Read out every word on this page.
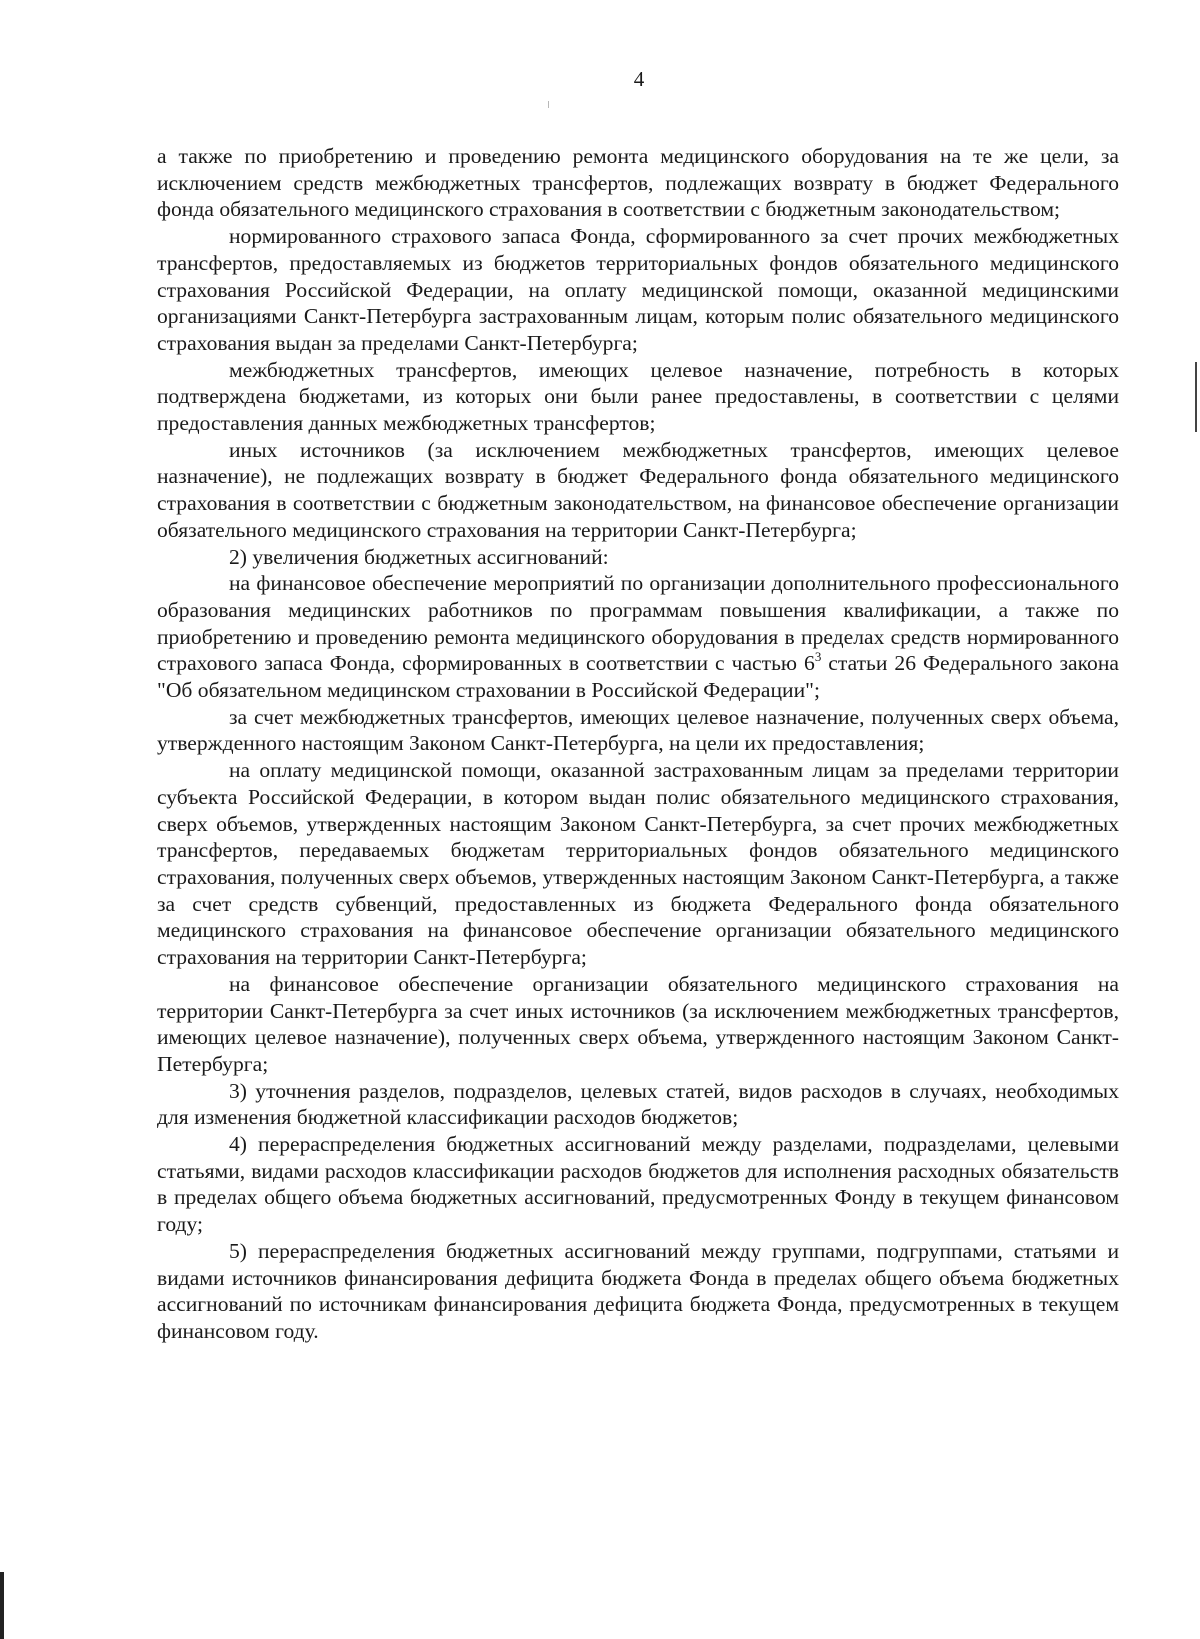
4

а также по приобретению и проведению ремонта медицинского оборудования на те же цели, за исключением средств межбюджетных трансфертов, подлежащих возврату в бюджет Федерального фонда обязательного медицинского страхования в соответствии с бюджетным законодательством;

нормированного страхового запаса Фонда, сформированного за счет прочих межбюджетных трансфертов, предоставляемых из бюджетов территориальных фондов обязательного медицинского страхования Российской Федерации, на оплату медицинской помощи, оказанной медицинскими организациями Санкт-Петербурга застрахованным лицам, которым полис обязательного медицинского страхования выдан за пределами Санкт-Петербурга;

межбюджетных трансфертов, имеющих целевое назначение, потребность в которых подтверждена бюджетами, из которых они были ранее предоставлены, в соответствии с целями предоставления данных межбюджетных трансфертов;

иных источников (за исключением межбюджетных трансфертов, имеющих целевое назначение), не подлежащих возврату в бюджет Федерального фонда обязательного медицинского страхования в соответствии с бюджетным законодательством, на финансовое обеспечение организации обязательного медицинского страхования на территории Санкт-Петербурга;

2) увеличения бюджетных ассигнований:

на финансовое обеспечение мероприятий по организации дополнительного профессионального образования медицинских работников по программам повышения квалификации, а также по приобретению и проведению ремонта медицинского оборудования в пределах средств нормированного страхового запаса Фонда, сформированных в соответствии с частью $6^3$ статьи 26 Федерального закона "Об обязательном медицинском страховании в Российской Федерации";

за счет межбюджетных трансфертов, имеющих целевое назначение, полученных сверх объема, утвержденного настоящим Законом Санкт-Петербурга, на цели их предоставления;

на оплату медицинской помощи, оказанной застрахованным лицам за пределами территории субъекта Российской Федерации, в котором выдан полис обязательного медицинского страхования, сверх объемов, утвержденных настоящим Законом Санкт-Петербурга, за счет прочих межбюджетных трансфертов, передаваемых бюджетам территориальных фондов обязательного медицинского страхования, полученных сверх объемов, утвержденных настоящим Законом Санкт-Петербурга, а также за счет средств субвенций, предоставленных из бюджета Федерального фонда обязательного медицинского страхования на финансовое обеспечение организации обязательного медицинского страхования на территории Санкт-Петербурга;

на финансовое обеспечение организации обязательного медицинского страхования на территории Санкт-Петербурга за счет иных источников (за исключением межбюджетных трансфертов, имеющих целевое назначение), полученных сверх объема, утвержденного настоящим Законом Санкт-Петербурга;

3) уточнения разделов, подразделов, целевых статей, видов расходов в случаях, необходимых для изменения бюджетной классификации расходов бюджетов;

4) перераспределения бюджетных ассигнований между разделами, подразделами, целевыми статьями, видами расходов классификации расходов бюджетов для исполнения расходных обязательств в пределах общего объема бюджетных ассигнований, предусмотренных Фонду в текущем финансовом году;

5) перераспределения бюджетных ассигнований между группами, подгруппами, статьями и видами источников финансирования дефицита бюджета Фонда в пределах общего объема бюджетных ассигнований по источникам финансирования дефицита бюджета Фонда, предусмотренных в текущем финансовом году.
